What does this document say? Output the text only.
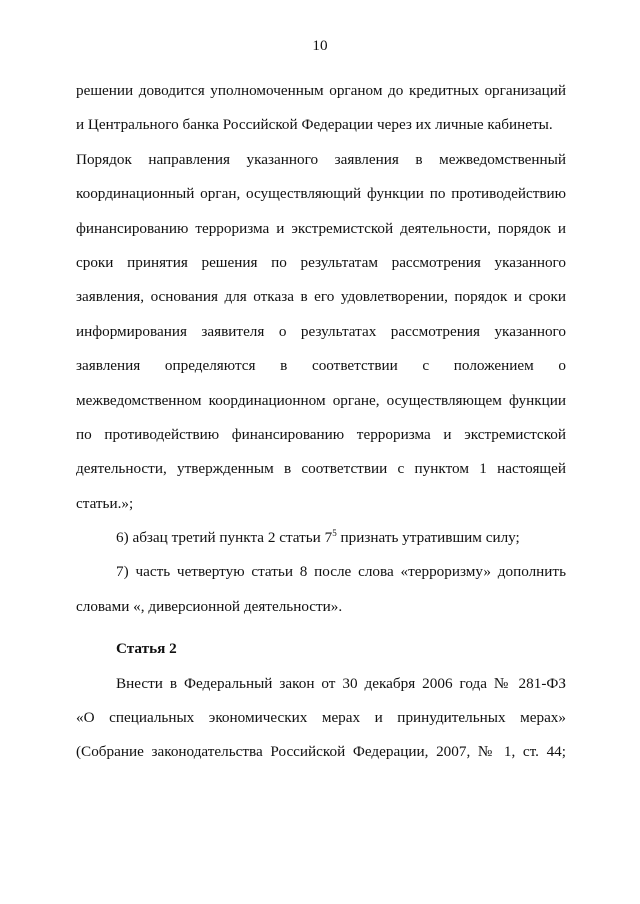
10
решении доводится уполномоченным органом до кредитных организаций
и Центрального банка Российской Федерации через их личные кабинеты.
Порядок направления указанного заявления в межведомственный
координационный орган, осуществляющий функции по противодействию
финансированию терроризма и экстремистской деятельности, порядок и
сроки принятия решения по результатам рассмотрения указанного
заявления, основания для отказа в его удовлетворении, порядок и сроки
информирования заявителя о результатах рассмотрения указанного
заявления определяются в соответствии с положением о
межведомственном координационном органе, осуществляющем функции
по противодействию финансированию терроризма и экстремистской
деятельности, утвержденным в соответствии с пунктом 1 настоящей
статьи.»;
6) абзац третий пункта 2 статьи $7^5$ признать утратившим силу;
7) часть четвертую статьи 8 после слова «терроризму» дополнить
словами «, диверсионной деятельности».
Статья 2
Внести в Федеральный закон от 30 декабря 2006 года № 281-ФЗ
«О специальных экономических мерах и принудительных мерах»
(Собрание законодательства Российской Федерации, 2007, № 1, ст. 44;
